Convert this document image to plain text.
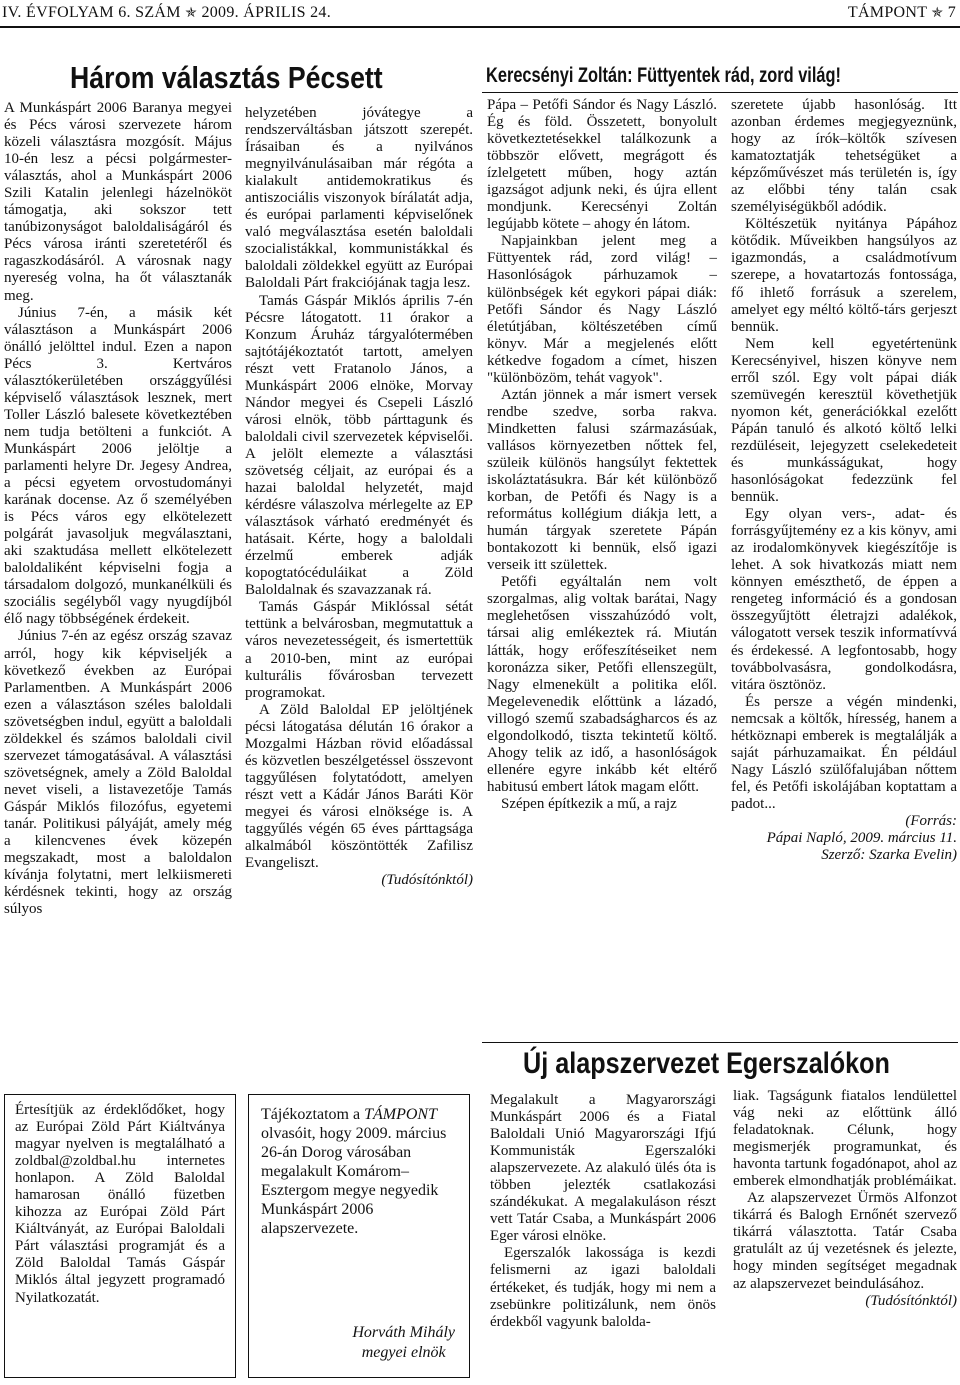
IV. ÉVFOLYAM 6. SZÁM ✯ 2009. ÁPRILIS 24.	TÁMPONT ✯ 7
Három választás Pécsett

A Munkáspárt 2006 Baranya megyei és Pécs városi szervezete három közeli választásra mozgósít. Május 10-én lesz a pécsi polgármester-választás, ahol a Munkáspárt 2006 Szili Katalin jelenlegi házelnököt támogatja, aki sokszor tett tanúbizonyságot baloldaliságáról és Pécs városa iránti szeretetéről és ragaszkodásáról. A városnak nagy nyereség volna, ha őt választanák meg.

Június 7-én, a másik két választáson a Munkáspárt 2006 önálló jelölttel indul. Ezen a napon Pécs 3. Kertváros választókerületében országgyűlési képviselő választások lesznek, mert Toller László balesete következtében nem tudja betölteni a funkciót. A Munkáspárt 2006 jelöltje a parlamenti helyre Dr. Jegesy Andrea, a pécsi egyetem orvostudományi karának docense. Az ő személyében is Pécs város egy elkötelezett polgárát javasoljuk megválasztani, aki szaktudása mellett elkötelezett baloldaliként képviselni fogja a társadalom dolgozó, munkanélküli és szociális segélyből vagy nyugdíjból élő nagy többségének érdekeit.

Június 7-én az egész ország szavaz arról, hogy kik képviseljék a következő években az Európai Parlamentben. A Munkáspárt 2006 ezen a választáson széles baloldali szövetségben indul, együtt a baloldali zöldekkel és számos baloldali civil szervezet támogatásával. A választási szövetségnek, amely a Zöld Baloldal nevet viseli, a listavezetője Tamás Gáspár Miklós filozófus, egyetemi tanár. Politikusi pályáját, amely még a kilencvenes évek közepén megszakadt, most a baloldalon kívánja folytatni, mert lelkiismereti kérdésnek tekinti, hogy az ország súlyos

helyzetében jóvátegye a rendszerváltásban játszott szerepét. Írásaiban és a nyilvános megnyilvánulásaiban már régóta a kialakult antidemokratikus és antiszociális viszonyok bírálatát adja, és európai parlamenti képviselőnek való megválasztása esetén baloldali szocialistákkal, kommunistákkal és baloldali zöldekkel együtt az Európai Baloldali Párt frakciójának tagja lesz.

Tamás Gáspár Miklós április 7-én Pécsre látogatott. 11 órakor a Konzum Áruház tárgyalótermében sajtótájékoztatót tartott, amelyen részt vett Fratanolo János, a Munkáspárt 2006 elnöke, Morvay Nándor megyei és Csepeli László városi elnök, több párttagunk és baloldali civil szervezetek képviselői. A jelölt elemezte a választási szövetség céljait, az európai és a hazai baloldal helyzetét, majd kérdésre válaszolva mérlegelte az EP választások várható eredményét és hatásait. Kérte, hogy a baloldali érzelmű emberek adják kopogtatócéduláikat a Zöld Baloldalnak és szavazzanak rá.

Tamás Gáspár Miklóssal sétát tettünk a belvárosban, megmutattuk a város nevezetességeit, és ismertettük a 2010-ben, mint az európai kulturális fővárosban tervezett programokat.

A Zöld Baloldal EP jelöltjének pécsi látogatása délután 16 órakor a Mozgalmi Házban rövid előadással és közvetlen beszélgetéssel összevont taggyűlésen folytatódott, amelyen részt vett a Kádár János Baráti Kör megyei és városi elnöksége is. A taggyűlés végén 65 éves párttagsága alkalmából köszöntötték Zafilisz Evangeliszt.

(Tudósítónktól)

Értesítjük az érdeklődőket, hogy az Európai Zöld Párt Kiáltványa magyar nyelven is megtalálható a zoldbal@zoldbal.hu internetes honlapon. A Zöld Baloldal hamarosan önálló füzetben kihozza az Európai Zöld Párt Kiáltványát, az Európai Baloldali Párt választási programját és a Zöld Baloldal Tamás Gáspár Miklós által jegyzett programadó Nyilatkozatát.
Tájékoztatom a TÁMPONT olvasóit, hogy 2009. március 26-án Dorog városában megalakult Komárom–Esztergom megye negyedik Munkáspárt 2006 alapszervezete.
Horváth Mihály
megyei elnök
Kerecsényi Zoltán: Füttyentek rád, zord világ!

Pápa – Petőfi Sándor és Nagy László. Ég és föld. Összetett, bonyolult következtetésekkel találkozunk a többször elővett, megrágott és ízlelgetett műben, hogy aztán igazságot adjunk neki, és újra ellent mondjunk. Kerecsényi Zoltán legújabb kötete – ahogy én látom.

Napjainkban jelent meg a Füttyentek rád, zord világ! – Hasonlóságok párhuzamok – különbségek két egykori pápai diák: Petőfi Sándor és Nagy László életútjában, költészetében című könyv. Már a megjelenés előtt kétkedve fogadom a címet, hiszen "különbözöm, tehát vagyok".

Aztán jönnek a már ismert versek rendbe szedve, sorba rakva. Mindketten falusi származásúak, vallásos környezetben nőttek fel, szüleik különös hangsúlyt fektettek iskoláztatásukra. Bár két különböző korban, de Petőfi és Nagy is a református kollégium diákja lett, a humán tárgyak szeretete Pápán bontakozott ki bennük, első igazi verseik itt születtek.

Petőfi egyáltalán nem volt szorgalmas, alig voltak barátai, Nagy meglehetősen visszahúzódó volt, társai alig emlékeztek rá. Miután látták, hogy erőfeszítéseiket nem koronázza siker, Petőfi ellenszegült, Nagy elmenekült a politika elől. Megelevenedik előttünk a lázadó, villogó szemű szabadságharcos és az elgondolkodó, tiszta tekintetű költő. Ahogy telik az idő, a hasonlóságok ellenére egyre inkább két eltérő habitusú embert látok magam előtt.

Szépen építkezik a mű, a rajz

szeretete újabb hasonlóság. Itt azonban érdemes megjegyeznünk, hogy az írók–költők szívesen kamatoztatják tehetségüket a képzőművészet más területén is, így az előbbi tény talán csak személyiségükből adódik.

Költészetük nyitánya Pápához kötődik. Műveikben hangsúlyos az igazmondás, a családmotívum szerepe, a hovatartozás fontossága, fő ihlető forrásuk a szerelem, amelyet egy méltó költő-társ gerjeszt bennük.

Nem kell egyetértenünk Kerecsényivel, hiszen könyve nem erről szól. Egy volt pápai diák szemüvegén keresztül követhetjük nyomon két, generációkkal ezelőtt Pápán tanuló és alkotó költő lelki rezdüléseit, lejegyzett cselekedeteit és munkásságukat, hogy hasonlóságokat fedezzünk fel bennük.

Egy olyan vers-, adat- és forrásgyűjtemény ez a kis könyv, ami az irodalomkönyvek kiegészítője is lehet. A sok hivatkozás miatt nem könnyen emészthető, de éppen a rengeteg információ és a gondosan összegyűjtött életrajzi adalékok, válogatott versek teszik informatívvá és érdekessé. A legfontosabb, hogy továbbolvasásra, gondolkodásra, vitára ösztönöz.

És persze a végén mindenki, nemcsak a költők, híresség, hanem a hétköznapi emberek is megtalálják a saját párhuzamaikat. Én például Nagy László szülőfalujában nőttem fel, és Petőfi iskolájában koptattam a padot...

(Forrás:

Pápai Napló, 2009. március 11.

Szerző: Szarka Evelin)

Új alapszervezet Egerszalókon

Megalakult a Magyarországi Munkáspárt 2006 és a Fiatal Baloldali Unió Magyarországi Ifjú Kommunisták Egerszalóki alapszervezete. Az alakuló ülés óta is többen jelezték csatlakozási szándékukat. A megalakuláson részt vett Tatár Csaba, a Munkáspárt 2006 Eger városi elnöke.

Egerszalók lakossága is kezdi felismerni az igazi baloldali értékeket, és tudják, hogy mi nem a zsebünkre politizálunk, nem önös érdekből vagyunk balolda-

liak. Tagságunk fiatalos lendülettel vág neki az előttünk álló feladatoknak. Célunk, hogy megismerjék programunkat, és havonta tartunk fogadónapot, ahol az emberek elmondhatják problémáikat.

Az alapszervezet Ürmös Alfonzot tikárrá és Balogh Ernőnét szervező tikárrá választotta. Tatár Csaba gratulált az új vezetésnek és jelezte, hogy minden segítséget megadnak az alapszervezet beindulásához.

(Tudósítónktól)
